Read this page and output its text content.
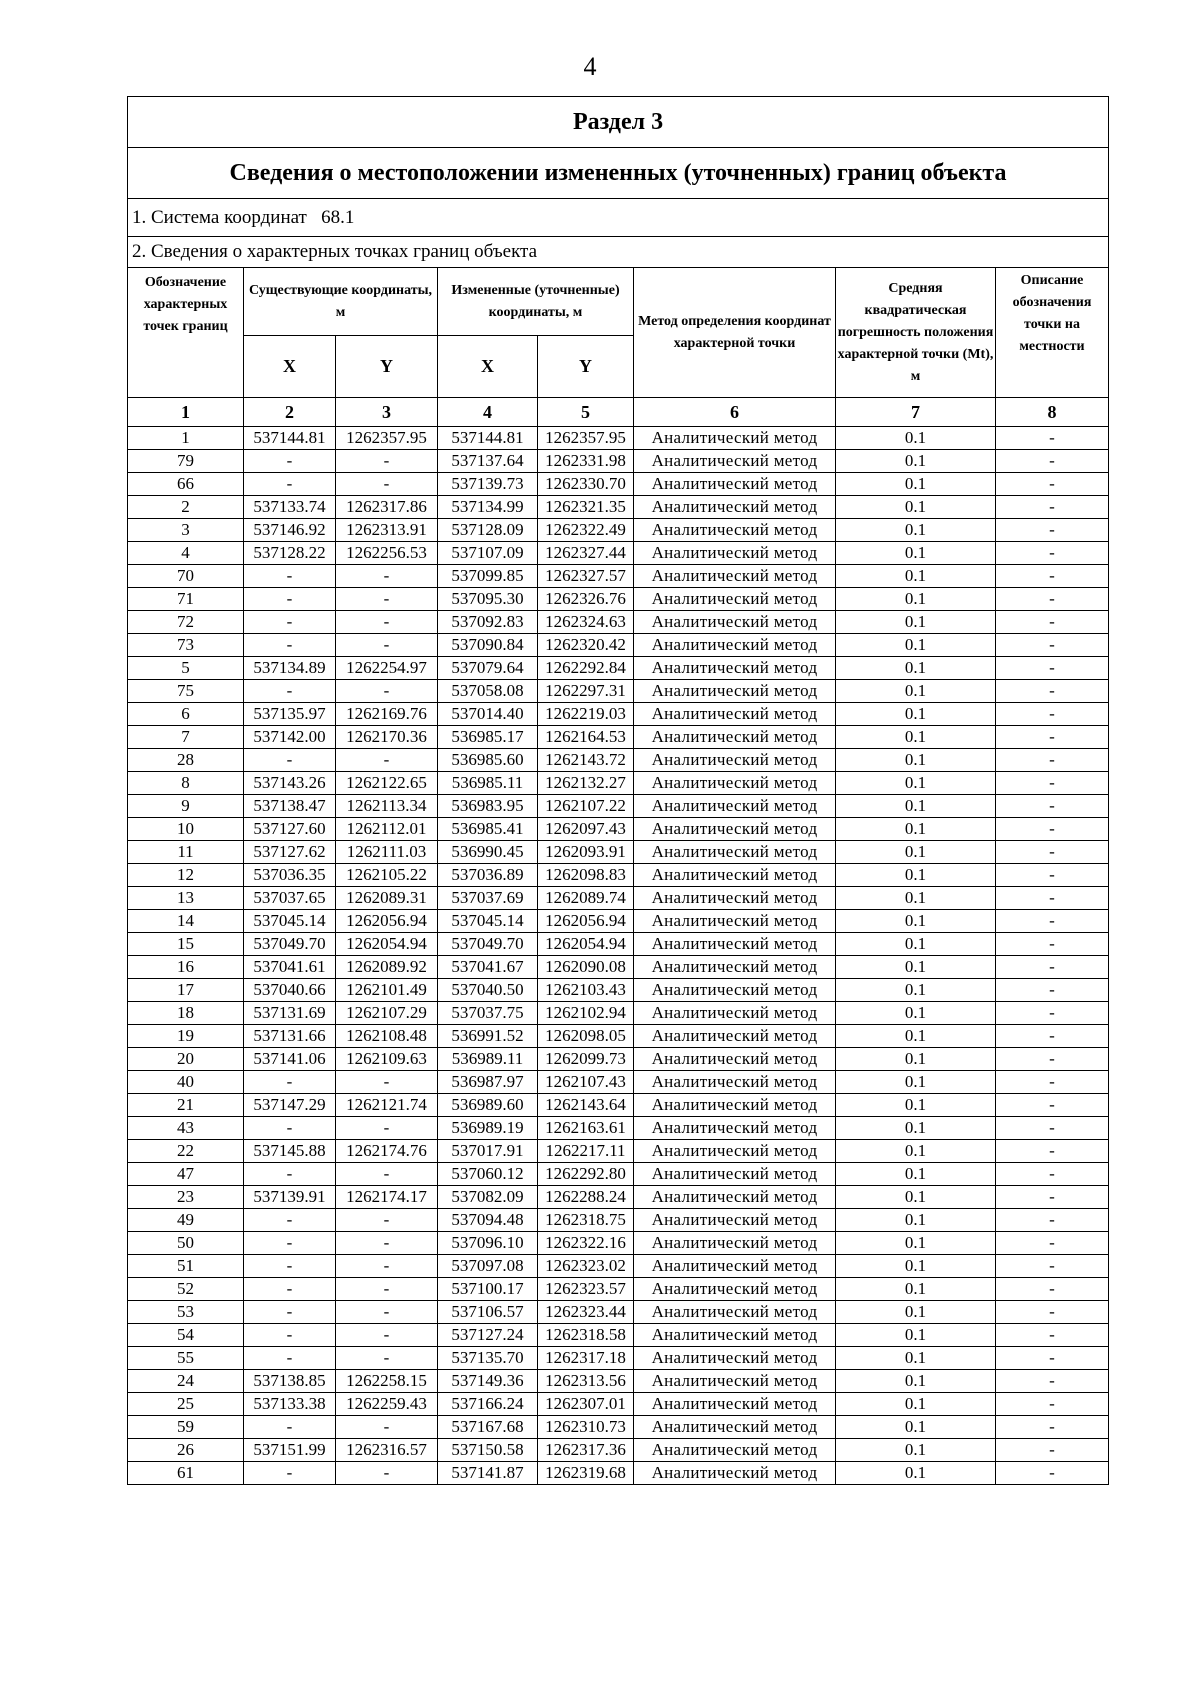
4
Раздел 3							
Сведения о местоположении измененных (уточненных) границ объекта							
1. Система координат 68.1							
2. Сведения о характерных точках границ объекта							
Обозначение характерных точек границ	Существующие координаты, м		Измененные (уточненные) координаты, м		Метод определения координат характерной точки	Средняя квадратическая погрешность положения характерной точки (Mt), м	Описание обозначения точки на местности
	X	Y	X	Y			
1	2	3	4	5	6	7	8
1	537144.81	1262357.95	537144.81	1262357.95	Аналитический метод	0.1	-
79	-	-	537137.64	1262331.98	Аналитический метод	0.1	-
66	-	-	537139.73	1262330.70	Аналитический метод	0.1	-
2	537133.74	1262317.86	537134.99	1262321.35	Аналитический метод	0.1	-
3	537146.92	1262313.91	537128.09	1262322.49	Аналитический метод	0.1	-
4	537128.22	1262256.53	537107.09	1262327.44	Аналитический метод	0.1	-
70	-	-	537099.85	1262327.57	Аналитический метод	0.1	-
71	-	-	537095.30	1262326.76	Аналитический метод	0.1	-
72	-	-	537092.83	1262324.63	Аналитический метод	0.1	-
73	-	-	537090.84	1262320.42	Аналитический метод	0.1	-
5	537134.89	1262254.97	537079.64	1262292.84	Аналитический метод	0.1	-
75	-	-	537058.08	1262297.31	Аналитический метод	0.1	-
6	537135.97	1262169.76	537014.40	1262219.03	Аналитический метод	0.1	-
7	537142.00	1262170.36	536985.17	1262164.53	Аналитический метод	0.1	-
28	-	-	536985.60	1262143.72	Аналитический метод	0.1	-
8	537143.26	1262122.65	536985.11	1262132.27	Аналитический метод	0.1	-
9	537138.47	1262113.34	536983.95	1262107.22	Аналитический метод	0.1	-
10	537127.60	1262112.01	536985.41	1262097.43	Аналитический метод	0.1	-
11	537127.62	1262111.03	536990.45	1262093.91	Аналитический метод	0.1	-
12	537036.35	1262105.22	537036.89	1262098.83	Аналитический метод	0.1	-
13	537037.65	1262089.31	537037.69	1262089.74	Аналитический метод	0.1	-
14	537045.14	1262056.94	537045.14	1262056.94	Аналитический метод	0.1	-
15	537049.70	1262054.94	537049.70	1262054.94	Аналитический метод	0.1	-
16	537041.61	1262089.92	537041.67	1262090.08	Аналитический метод	0.1	-
17	537040.66	1262101.49	537040.50	1262103.43	Аналитический метод	0.1	-
18	537131.69	1262107.29	537037.75	1262102.94	Аналитический метод	0.1	-
19	537131.66	1262108.48	536991.52	1262098.05	Аналитический метод	0.1	-
20	537141.06	1262109.63	536989.11	1262099.73	Аналитический метод	0.1	-
40	-	-	536987.97	1262107.43	Аналитический метод	0.1	-
21	537147.29	1262121.74	536989.60	1262143.64	Аналитический метод	0.1	-
43	-	-	536989.19	1262163.61	Аналитический метод	0.1	-
22	537145.88	1262174.76	537017.91	1262217.11	Аналитический метод	0.1	-
47	-	-	537060.12	1262292.80	Аналитический метод	0.1	-
23	537139.91	1262174.17	537082.09	1262288.24	Аналитический метод	0.1	-
49	-	-	537094.48	1262318.75	Аналитический метод	0.1	-
50	-	-	537096.10	1262322.16	Аналитический метод	0.1	-
51	-	-	537097.08	1262323.02	Аналитический метод	0.1	-
52	-	-	537100.17	1262323.57	Аналитический метод	0.1	-
53	-	-	537106.57	1262323.44	Аналитический метод	0.1	-
54	-	-	537127.24	1262318.58	Аналитический метод	0.1	-
55	-	-	537135.70	1262317.18	Аналитический метод	0.1	-
24	537138.85	1262258.15	537149.36	1262313.56	Аналитический метод	0.1	-
25	537133.38	1262259.43	537166.24	1262307.01	Аналитический метод	0.1	-
59	-	-	537167.68	1262310.73	Аналитический метод	0.1	-
26	537151.99	1262316.57	537150.58	1262317.36	Аналитический метод	0.1	-
61	-	-	537141.87	1262319.68	Аналитический метод	0.1	-
